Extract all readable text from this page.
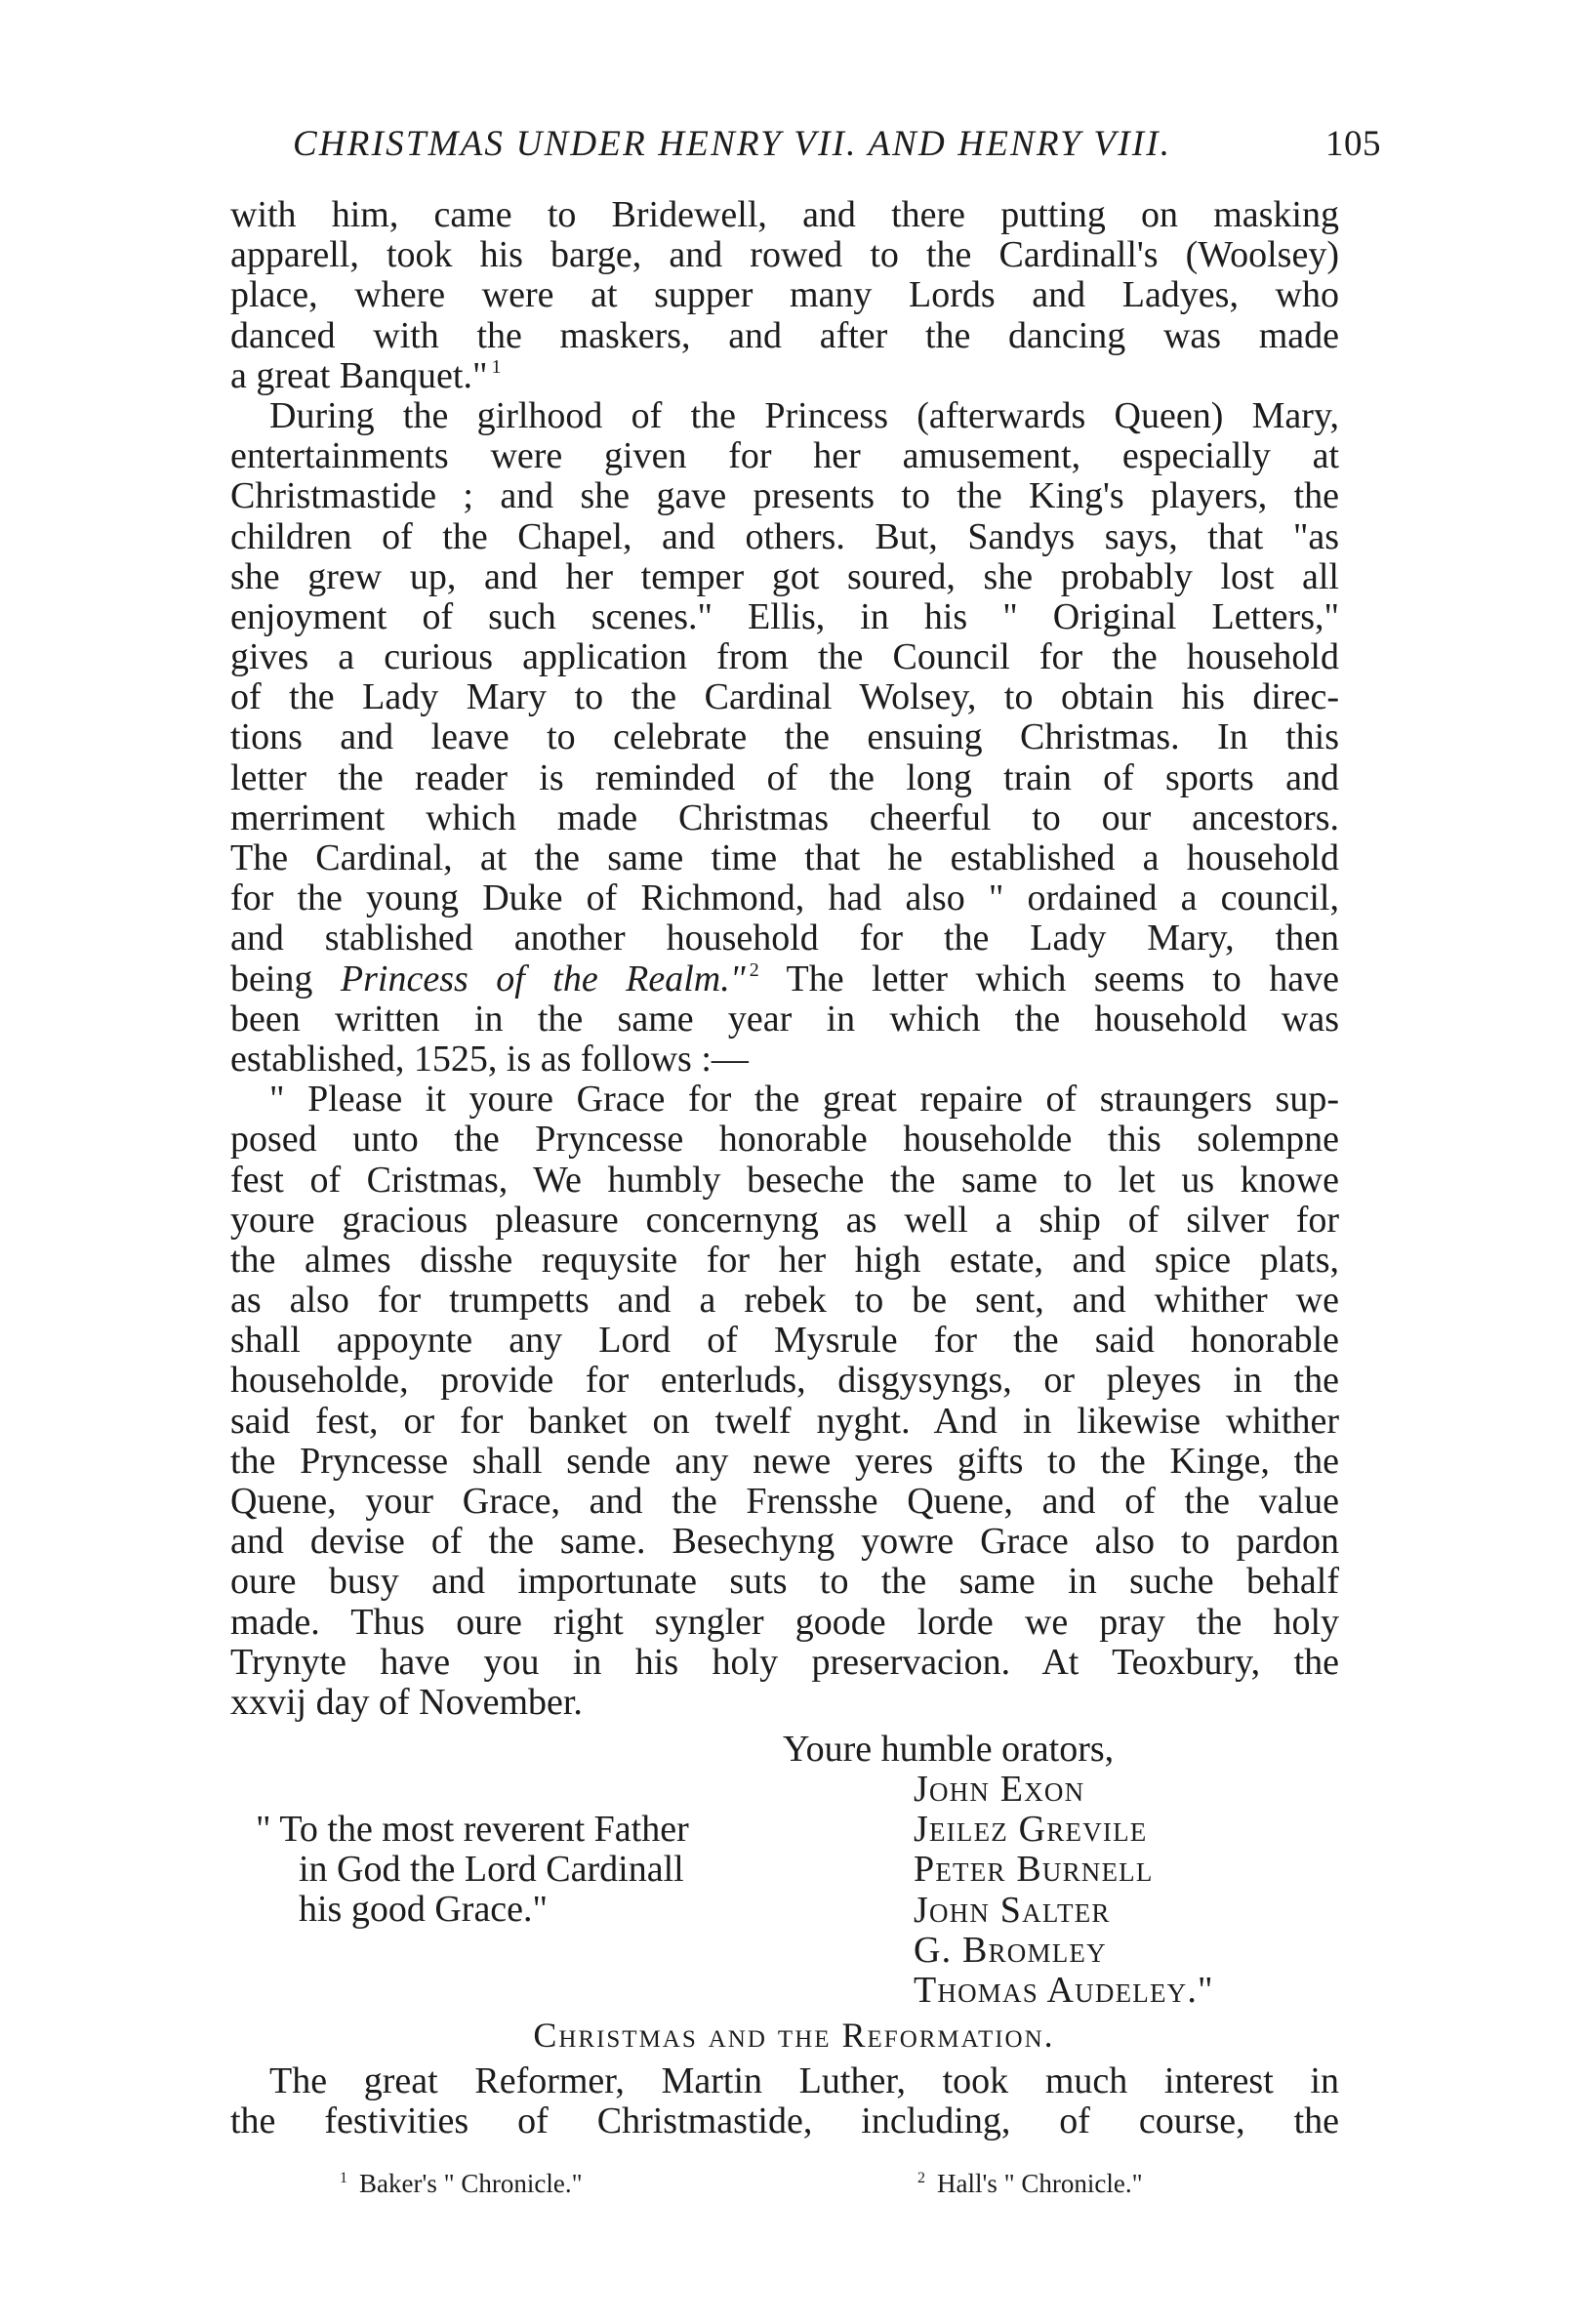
CHRISTMAS UNDER HENRY VII. AND HENRY VIII.	105
with him, came to Bridewell, and there putting on masking
apparell, took his barge, and rowed to the Cardinall's (Woolsey)
place, where were at supper many Lords and Ladyes, who
danced with the maskers, and after the dancing was made
a great Banquet." $^1$
During the girlhood of the Princess (afterwards Queen) Mary,
entertainments were given for her amusement, especially at
Christmastide ; and she gave presents to the King's players, the
children of the Chapel, and others. But, Sandys says, that "as
she grew up, and her temper got soured, she probably lost all
enjoyment of such scenes." Ellis, in his " Original Letters,"
gives a curious application from the Council for the household
of the Lady Mary to the Cardinal Wolsey, to obtain his direc-
tions and leave to celebrate the ensuing Christmas. In this
letter the reader is reminded of the long train of sports and
merriment which made Christmas cheerful to our ancestors.
The Cardinal, at the same time that he established a household
for the young Duke of Richmond, had also " ordained a council,
and stablished another household for the Lady Mary, then
being Princess of the Realm." $^2$ The letter which seems to have
been written in the same year in which the household was
established, 1525, is as follows :—
" Please it youre Grace for the great repaire of straungers sup-
posed unto the Pryncesse honorable householde this solempne
fest of Cristmas, We humbly beseche the same to let us knowe
youre gracious pleasure concernyng as well a ship of silver for
the almes disshe requysite for her high estate, and spice plats,
as also for trumpetts and a rebek to be sent, and whither we
shall appoynte any Lord of Mysrule for the said honorable
householde, provide for enterluds, disgysyngs, or pleyes in the
said fest, or for banket on twelf nyght. And in likewise whither
the Pryncesse shall sende any newe yeres gifts to the Kinge, the
Quene, your Grace, and the Frensshe Quene, and of the value
and devise of the same. Besechyng yowre Grace also to pardon
oure busy and importunate suts to the same in suche behalf
made. Thus oure right syngler goode lorde we pray the holy
Trynyte have you in his holy preservacion. At Teoxbury, the
xxvij day of November.
Youre humble orators,
John Exon
Jeilez Grevile
Peter Burnell
John Salter
G. Bromley
Thomas Audeley."
" To the most reverent Father
in God the Lord Cardinall
his good Grace."
Christmas and the Reformation.
The great Reformer, Martin Luther, took much interest in
the festivities of Christmastide, including, of course, the
$^1$ Baker's " Chronicle."	$^2$ Hall's " Chronicle."
